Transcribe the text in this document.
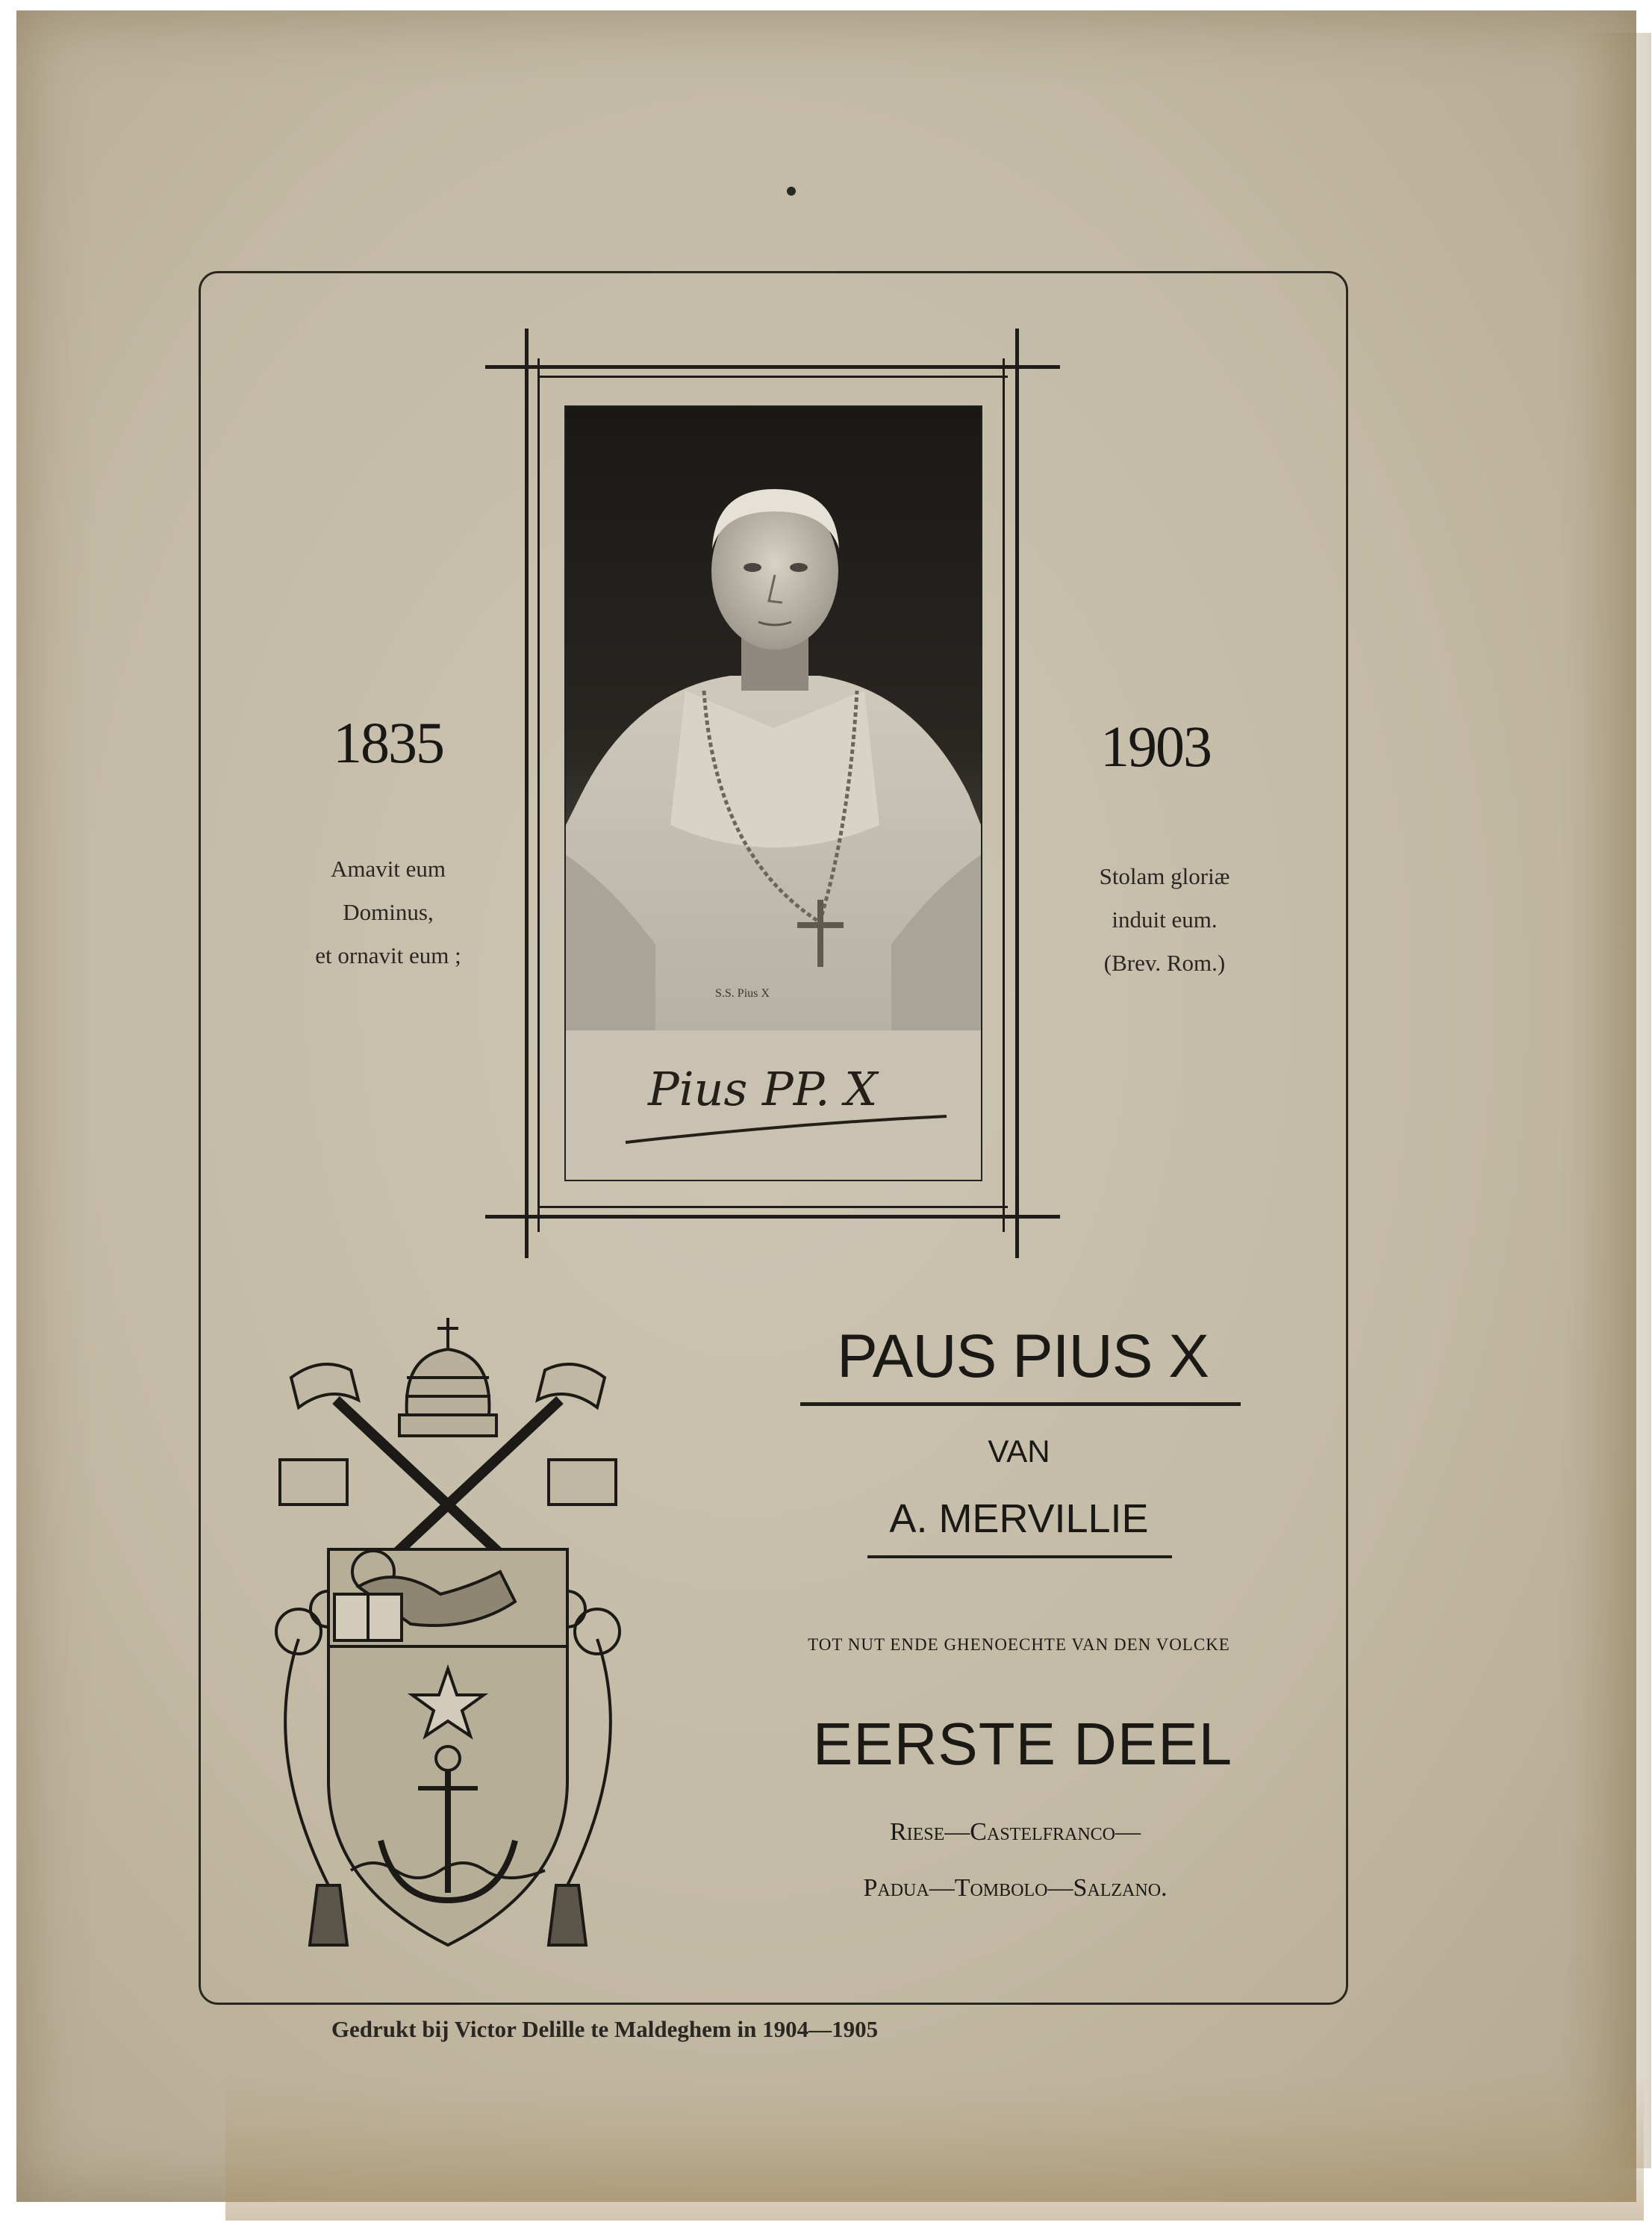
S.S. Pius X
Pius PP. X
1835	1903
Amavit eum
Dominus,
et ornavit eum ;
Stolam gloriæ
induit eum.
(Brev. Rom.)
PAUS PIUS X
VAN
A. MERVILLIE
TOT NUT ENDE GHENOECHTE VAN DEN VOLCKE
EERSTE DEEL
Riese—Castelfranco—
Padua—Tombolo—Salzano.
Gedrukt bij Victor Delille te Maldeghem in 1904—1905
